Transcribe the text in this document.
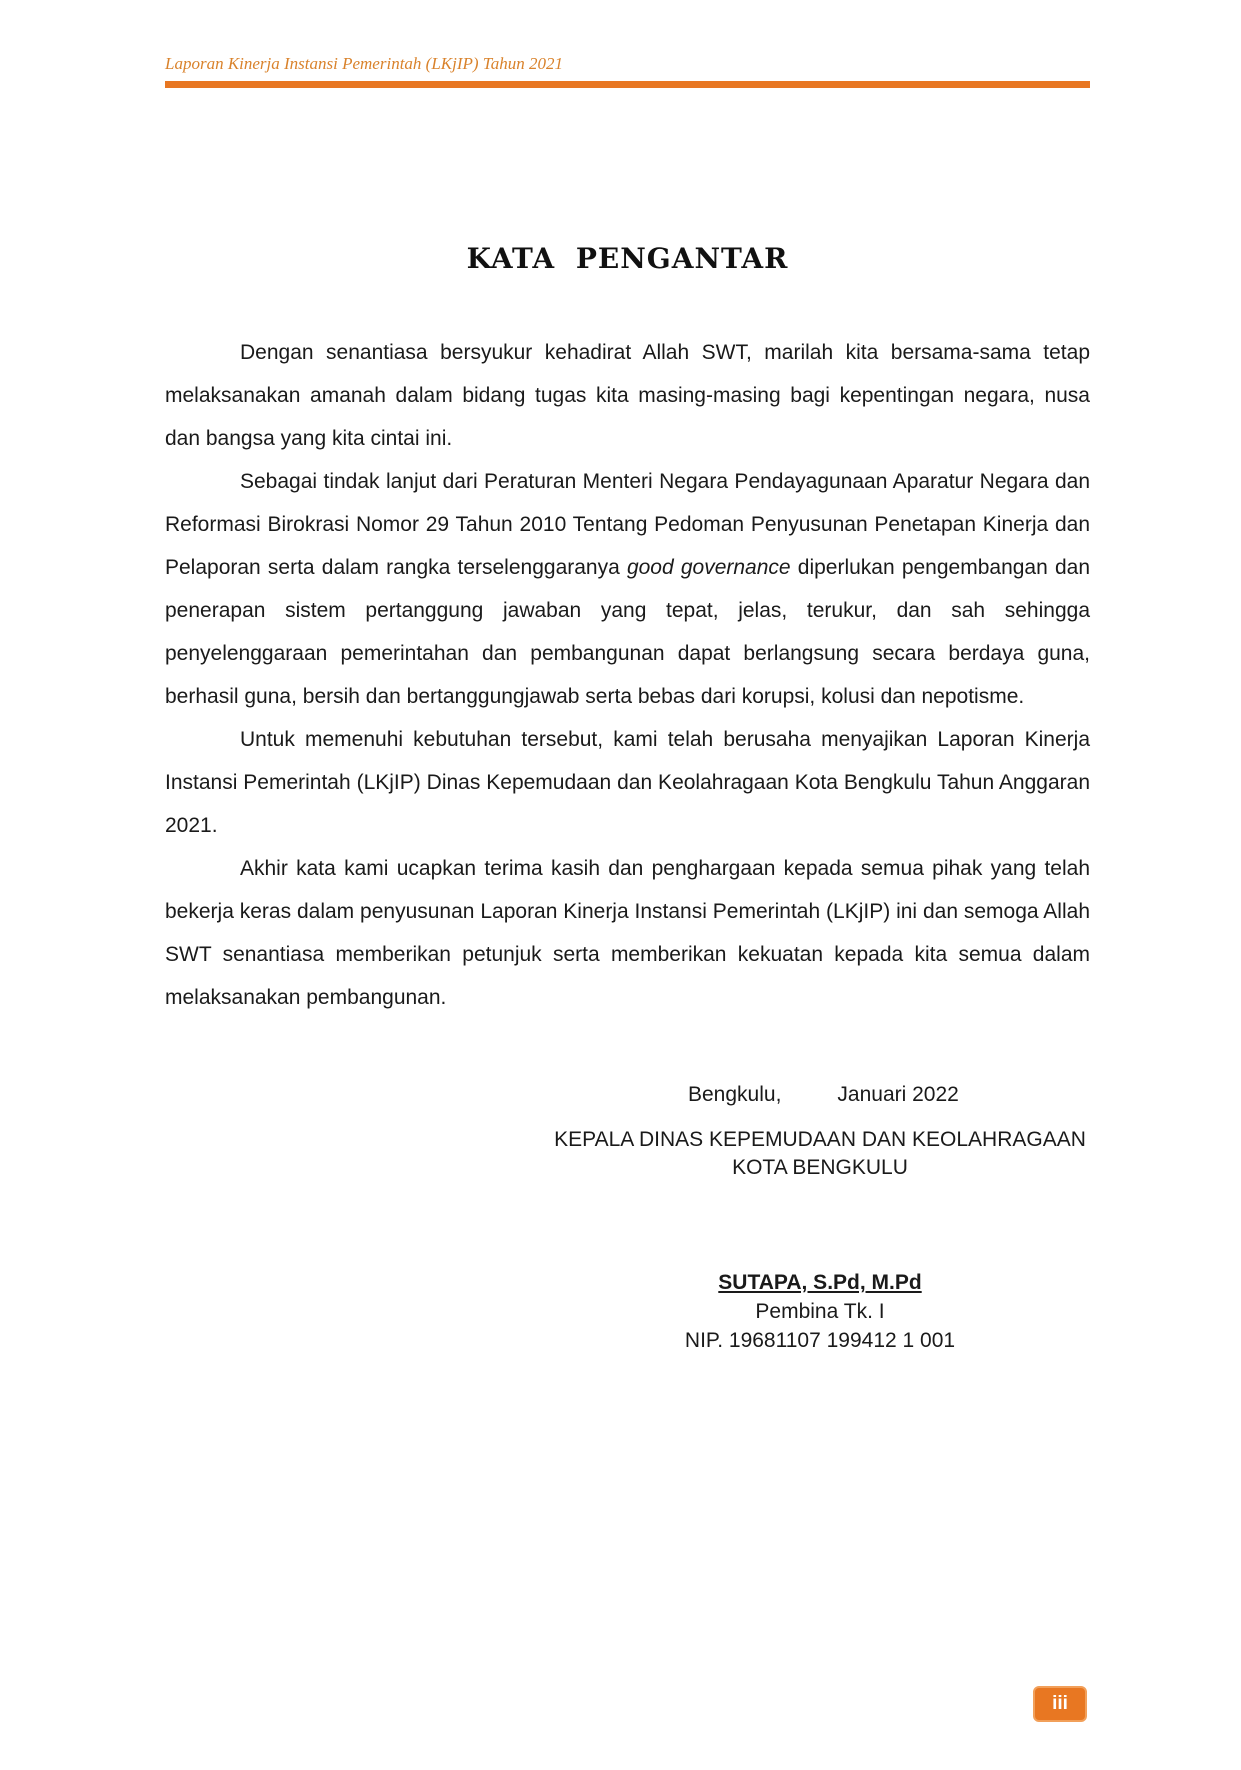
Laporan Kinerja Instansi Pemerintah (LKjIP) Tahun 2021
KATA PENGANTAR

Dengan senantiasa bersyukur kehadirat Allah SWT, marilah kita bersama-sama tetap melaksanakan amanah dalam bidang tugas kita masing-masing bagi kepentingan negara, nusa dan bangsa yang kita cintai ini.

Sebagai tindak lanjut dari Peraturan Menteri Negara Pendayagunaan Aparatur Negara dan Reformasi Birokrasi Nomor 29 Tahun 2010 Tentang Pedoman Penyusunan Penetapan Kinerja dan Pelaporan serta dalam rangka terselenggaranya good governance diperlukan pengembangan dan penerapan sistem pertanggung jawaban yang tepat, jelas, terukur, dan sah sehingga penyelenggaraan pemerintahan dan pembangunan dapat berlangsung secara berdaya guna, berhasil guna, bersih dan bertanggungjawab serta bebas dari korupsi, kolusi dan nepotisme.

Untuk memenuhi kebutuhan tersebut, kami telah berusaha menyajikan Laporan Kinerja Instansi Pemerintah (LKjIP) Dinas Kepemudaan dan Keolahragaan Kota Bengkulu Tahun Anggaran 2021.

Akhir kata kami ucapkan terima kasih dan penghargaan kepada semua pihak yang telah bekerja keras dalam penyusunan Laporan Kinerja Instansi Pemerintah (LKjIP) ini dan semoga Allah SWT senantiasa memberikan petunjuk serta memberikan kekuatan kepada kita semua dalam melaksanakan pembangunan.

Bengkulu,	Januari 2022
KEPALA DINAS KEPEMUDAAN DAN KEOLAHRAGAAN
KOTA BENGKULU
SUTAPA, S.Pd, M.Pd
Pembina Tk. I
NIP. 19681107 199412 1 001
iii
